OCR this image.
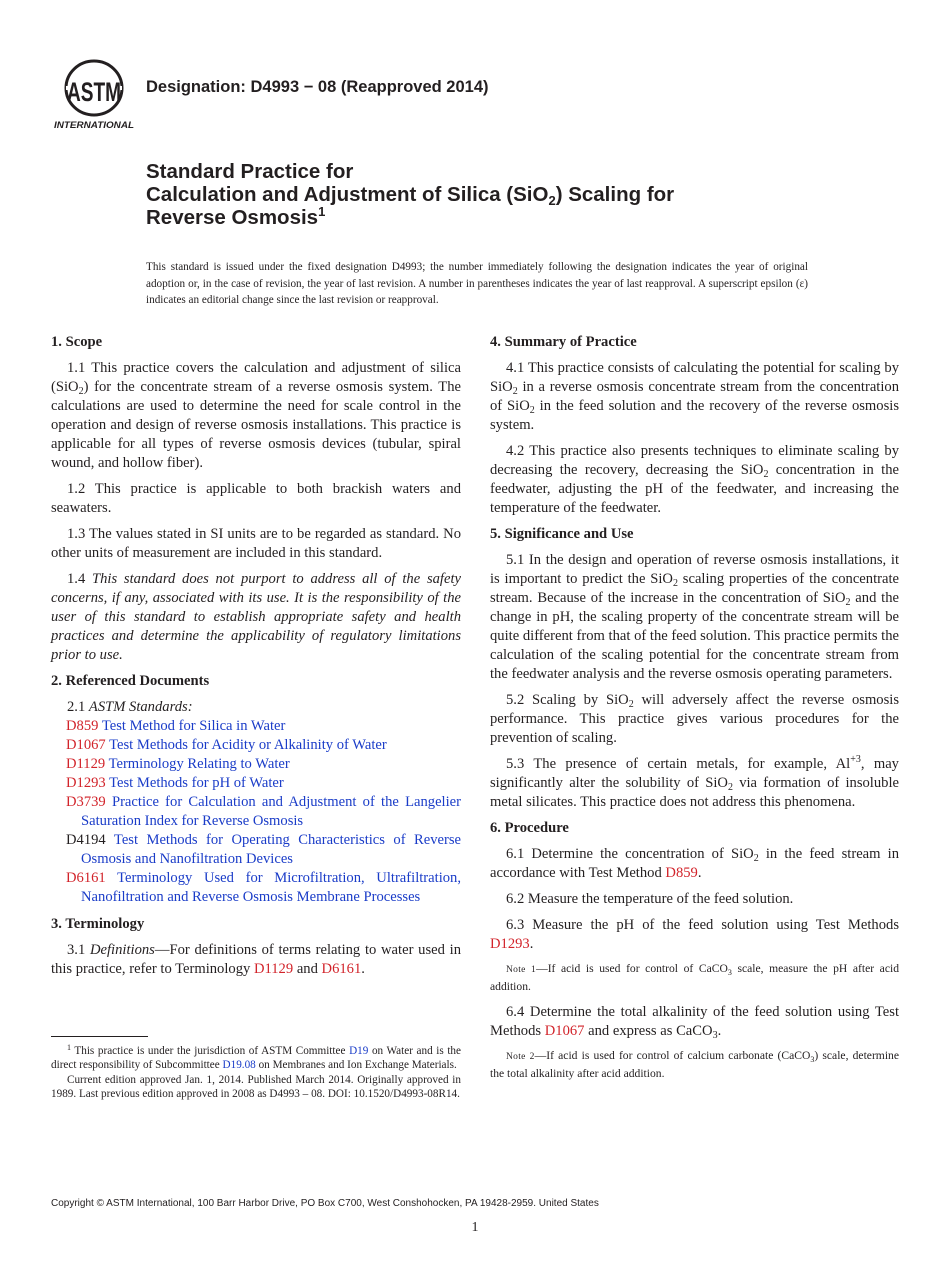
ASTM
INTERNATIONAL
Designation: D4993 − 08 (Reapproved 2014)
Standard Practice for
Calculation and Adjustment of Silica (SiO$_2$) Scaling for
Reverse Osmosis$^1$
This standard is issued under the fixed designation D4993; the number immediately following the designation indicates the year of original adoption or, in the case of revision, the year of last revision. A number in parentheses indicates the year of last reapproval. A superscript epsilon (ε) indicates an editorial change since the last revision or reapproval.
1. Scope

1.1 This practice covers the calculation and adjustment of silica (SiO$_2$) for the concentrate stream of a reverse osmosis system. The calculations are used to determine the need for scale control in the operation and design of reverse osmosis installations. This practice is applicable for all types of reverse osmosis devices (tubular, spiral wound, and hollow fiber).

1.2 This practice is applicable to both brackish waters and seawaters.

1.3 The values stated in SI units are to be regarded as standard. No other units of measurement are included in this standard.

1.4 This standard does not purport to address all of the safety concerns, if any, associated with its use. It is the responsibility of the user of this standard to establish appropriate safety and health practices and determine the applicability of regulatory limitations prior to use.

2. Referenced Documents
2.1 ASTM Standards:
D859 Test Method for Silica in Water
D1067 Test Methods for Acidity or Alkalinity of Water
D1129 Terminology Relating to Water
D1293 Test Methods for pH of Water
D3739 Practice for Calculation and Adjustment of the Langelier Saturation Index for Reverse Osmosis
D4194 Test Methods for Operating Characteristics of Reverse Osmosis and Nanofiltration Devices
D6161 Terminology Used for Microfiltration, Ultrafiltration, Nanofiltration and Reverse Osmosis Membrane Processes
3. Terminology

3.1 Definitions—For definitions of terms relating to water used in this practice, refer to Terminology D1129 and D6161.

$^1$ This practice is under the jurisdiction of ASTM Committee D19 on Water and is the direct responsibility of Subcommittee D19.08 on Membranes and Ion Exchange Materials.

Current edition approved Jan. 1, 2014. Published March 2014. Originally approved in 1989. Last previous edition approved in 2008 as D4993 – 08. DOI: 10.1520/D4993-08R14.

4. Summary of Practice

4.1 This practice consists of calculating the potential for scaling by SiO$_2$ in a reverse osmosis concentrate stream from the concentration of SiO$_2$ in the feed solution and the recovery of the reverse osmosis system.

4.2 This practice also presents techniques to eliminate scaling by decreasing the recovery, decreasing the SiO$_2$ concentration in the feedwater, adjusting the pH of the feedwater, and increasing the temperature of the feedwater.

5. Significance and Use

5.1 In the design and operation of reverse osmosis installations, it is important to predict the SiO$_2$ scaling properties of the concentrate stream. Because of the increase in the concentration of SiO$_2$ and the change in pH, the scaling property of the concentrate stream will be quite different from that of the feed solution. This practice permits the calculation of the scaling potential for the concentrate stream from the feedwater analysis and the reverse osmosis operating parameters.

5.2 Scaling by SiO$_2$ will adversely affect the reverse osmosis performance. This practice gives various procedures for the prevention of scaling.

5.3 The presence of certain metals, for example, $Al^{+3}$, may significantly alter the solubility of SiO$_2$ via formation of insoluble metal silicates. This practice does not address this phenomena.

6. Procedure

6.1 Determine the concentration of SiO$_2$ in the feed stream in accordance with Test Method D859.

6.2 Measure the temperature of the feed solution.

6.3 Measure the pH of the feed solution using Test Methods D1293.

Note 1—If acid is used for control of CaCO$_3$ scale, measure the pH after acid addition.

6.4 Determine the total alkalinity of the feed solution using Test Methods D1067 and express as CaCO$_3$.

Note 2—If acid is used for control of calcium carbonate (CaCO$_3$) scale, determine the total alkalinity after acid addition.

Copyright © ASTM International, 100 Barr Harbor Drive, PO Box C700, West Conshohocken, PA 19428-2959. United States
1
